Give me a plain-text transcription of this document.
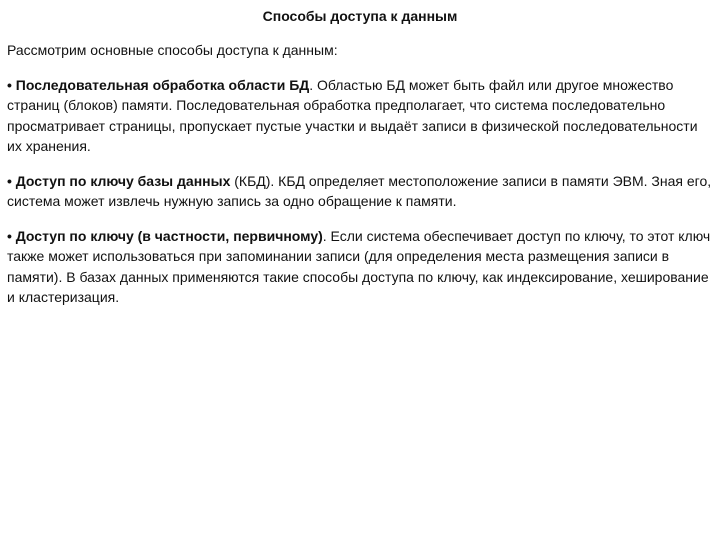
Способы доступа к данным

Рассмотрим основные способы доступа к данным:

• Последовательная обработка области БД. Областью БД может быть файл или другое множество страниц (блоков) памяти. Последовательная обработка предполагает, что система последовательно просматривает страницы, пропускает пустые участки и выдаёт записи в физической последовательности их хранения.

• Доступ по ключу базы данных (КБД). КБД определяет местоположение записи в памяти ЭВМ. Зная его, система может извлечь нужную запись за одно обращение к памяти.

• Доступ по ключу (в частности, первичному). Если система обеспечивает доступ по ключу, то этот ключ также может использоваться при запоминании записи (для определения места размещения записи в памяти). В базах данных применяются такие способы доступа по ключу, как индексирование, хеширование и кластеризация.
